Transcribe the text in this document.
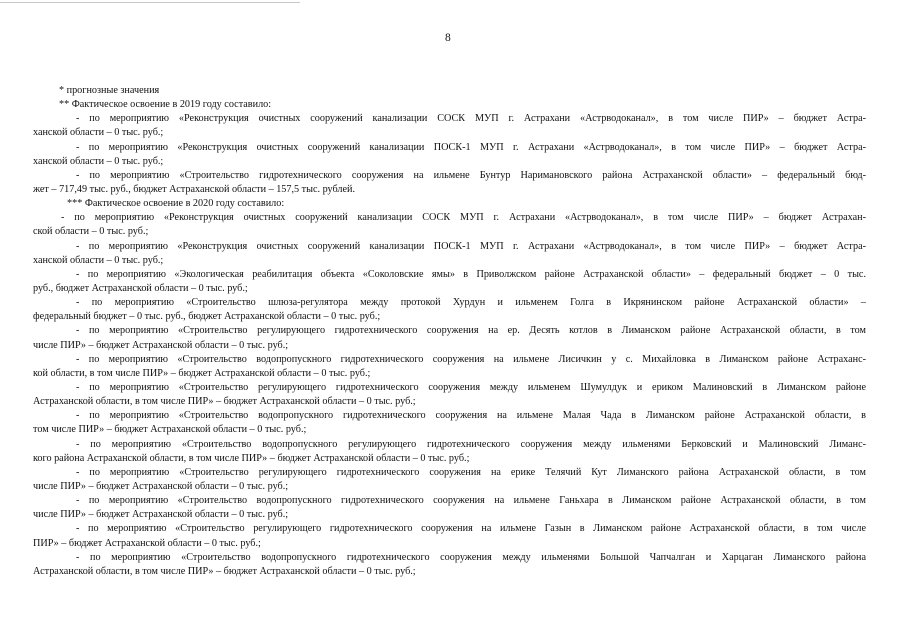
8
* прогнозные значения
** Фактическое освоение в 2019 году составило:
- по мероприятию «Реконструкция очистных сооружений канализации СОСК МУП г. Астрахани «Астрводоканал», в том числе ПИР» – бюджет Астра-
ханской области – 0 тыс. руб.;
- по мероприятию «Реконструкция очистных сооружений канализации ПОСК-1 МУП г. Астрахани «Астрводоканал», в том числе ПИР» – бюджет Астра-
ханской области – 0 тыс. руб.;
- по мероприятию «Строительство гидротехнического сооружения на ильмене Бунтур Наримановского района Астраханской области» – федеральный бюд-
жет – 717,49 тыс. руб., бюджет Астраханской области – 157,5 тыс. рублей.
*** Фактическое освоение в 2020 году составило:
- по мероприятию «Реконструкция очистных сооружений канализации СОСК МУП г. Астрахани «Астрводоканал», в том числе ПИР» – бюджет Астрахан-
ской области – 0 тыс. руб.;
- по мероприятию «Реконструкция очистных сооружений канализации ПОСК-1 МУП г. Астрахани «Астрводоканал», в том числе ПИР» – бюджет Астра-
ханской области – 0 тыс. руб.;
- по мероприятию «Экологическая реабилитация объекта «Соколовские ямы» в Приволжском районе Астраханской области» – федеральный бюджет – 0 тыс.
руб., бюджет Астраханской области – 0 тыс. руб.;
- по мероприятию «Строительство шлюза-регулятора между протокой Хурдун и ильменем Голга в Икрянинском районе Астраханской области» –
федеральный бюджет – 0 тыс. руб., бюджет Астраханской области – 0 тыс. руб.;
- по мероприятию «Строительство регулирующего гидротехнического сооружения на ер. Десять котлов в Лиманском районе Астраханской области, в том
числе ПИР» – бюджет Астраханской области – 0 тыс. руб.;
- по мероприятию «Строительство водопропускного гидротехнического сооружения на ильмене Лисичкин у с. Михайловка в Лиманском районе Астраханс-
кой области, в том числе ПИР» – бюджет Астраханской области – 0 тыс. руб.;
- по мероприятию «Строительство регулирующего гидротехнического сооружения между ильменем Шумулдук и ериком Малиновский в Лиманском районе
Астраханской области, в том числе ПИР» – бюджет Астраханской области – 0 тыс. руб.;
- по мероприятию «Строительство водопропускного гидротехнического сооружения на ильмене Малая Чада в Лиманском районе Астраханской области, в
том числе ПИР» – бюджет Астраханской области – 0 тыс. руб.;
- по мероприятию «Строительство водопропускного регулирующего гидротехнического сооружения между ильменями Берковский и Малиновский Лиманс-
кого района Астраханской области, в том числе ПИР» – бюджет Астраханской области – 0 тыс. руб.;
- по мероприятию «Строительство регулирующего гидротехнического сооружения на ерике Телячий Кут Лиманского района Астраханской области, в том
числе ПИР» – бюджет Астраханской области – 0 тыс. руб.;
- по мероприятию «Строительство водопропускного гидротехнического сооружения на ильмене Ганьхара в Лиманском районе Астраханской области, в том
числе ПИР» – бюджет Астраханской области – 0 тыс. руб.;
- по мероприятию «Строительство регулирующего гидротехнического сооружения на ильмене Газын в Лиманском районе Астраханской области, в том числе
ПИР» – бюджет Астраханской области – 0 тыс. руб.;
- по мероприятию «Строительство водопропускного гидротехнического сооружения между ильменями Большой Чапчалган и Харцаган Лиманского района
Астраханской области, в том числе ПИР» – бюджет Астраханской области – 0 тыс. руб.;
